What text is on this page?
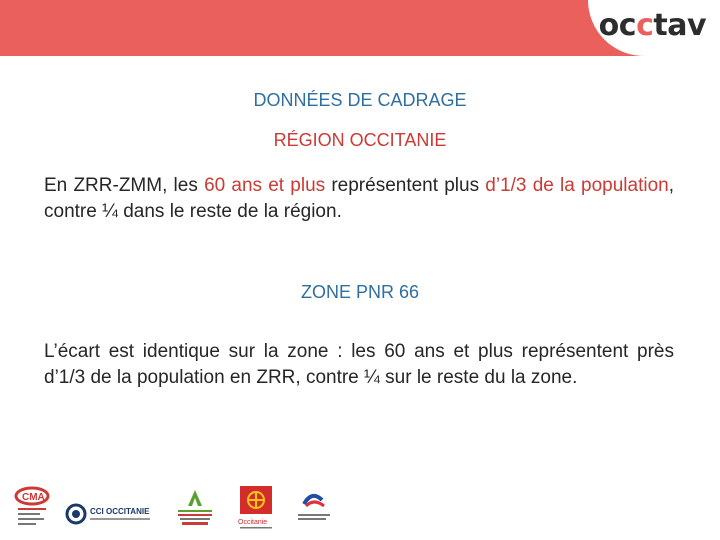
occtav
DONNÉES DE CADRAGE
RÉGION OCCITANIE

En ZRR-ZMM, les 60 ans et plus représentent plus d’1/3 de la population, contre ¼ dans le reste de la région.

ZONE PNR 66

L’écart est identique sur la zone : les 60 ans et plus représentent près d’1/3 de la population en ZRR, contre ¼ sur le reste du la zone.

CMA
CCI OCCITANIE
Occitanie
